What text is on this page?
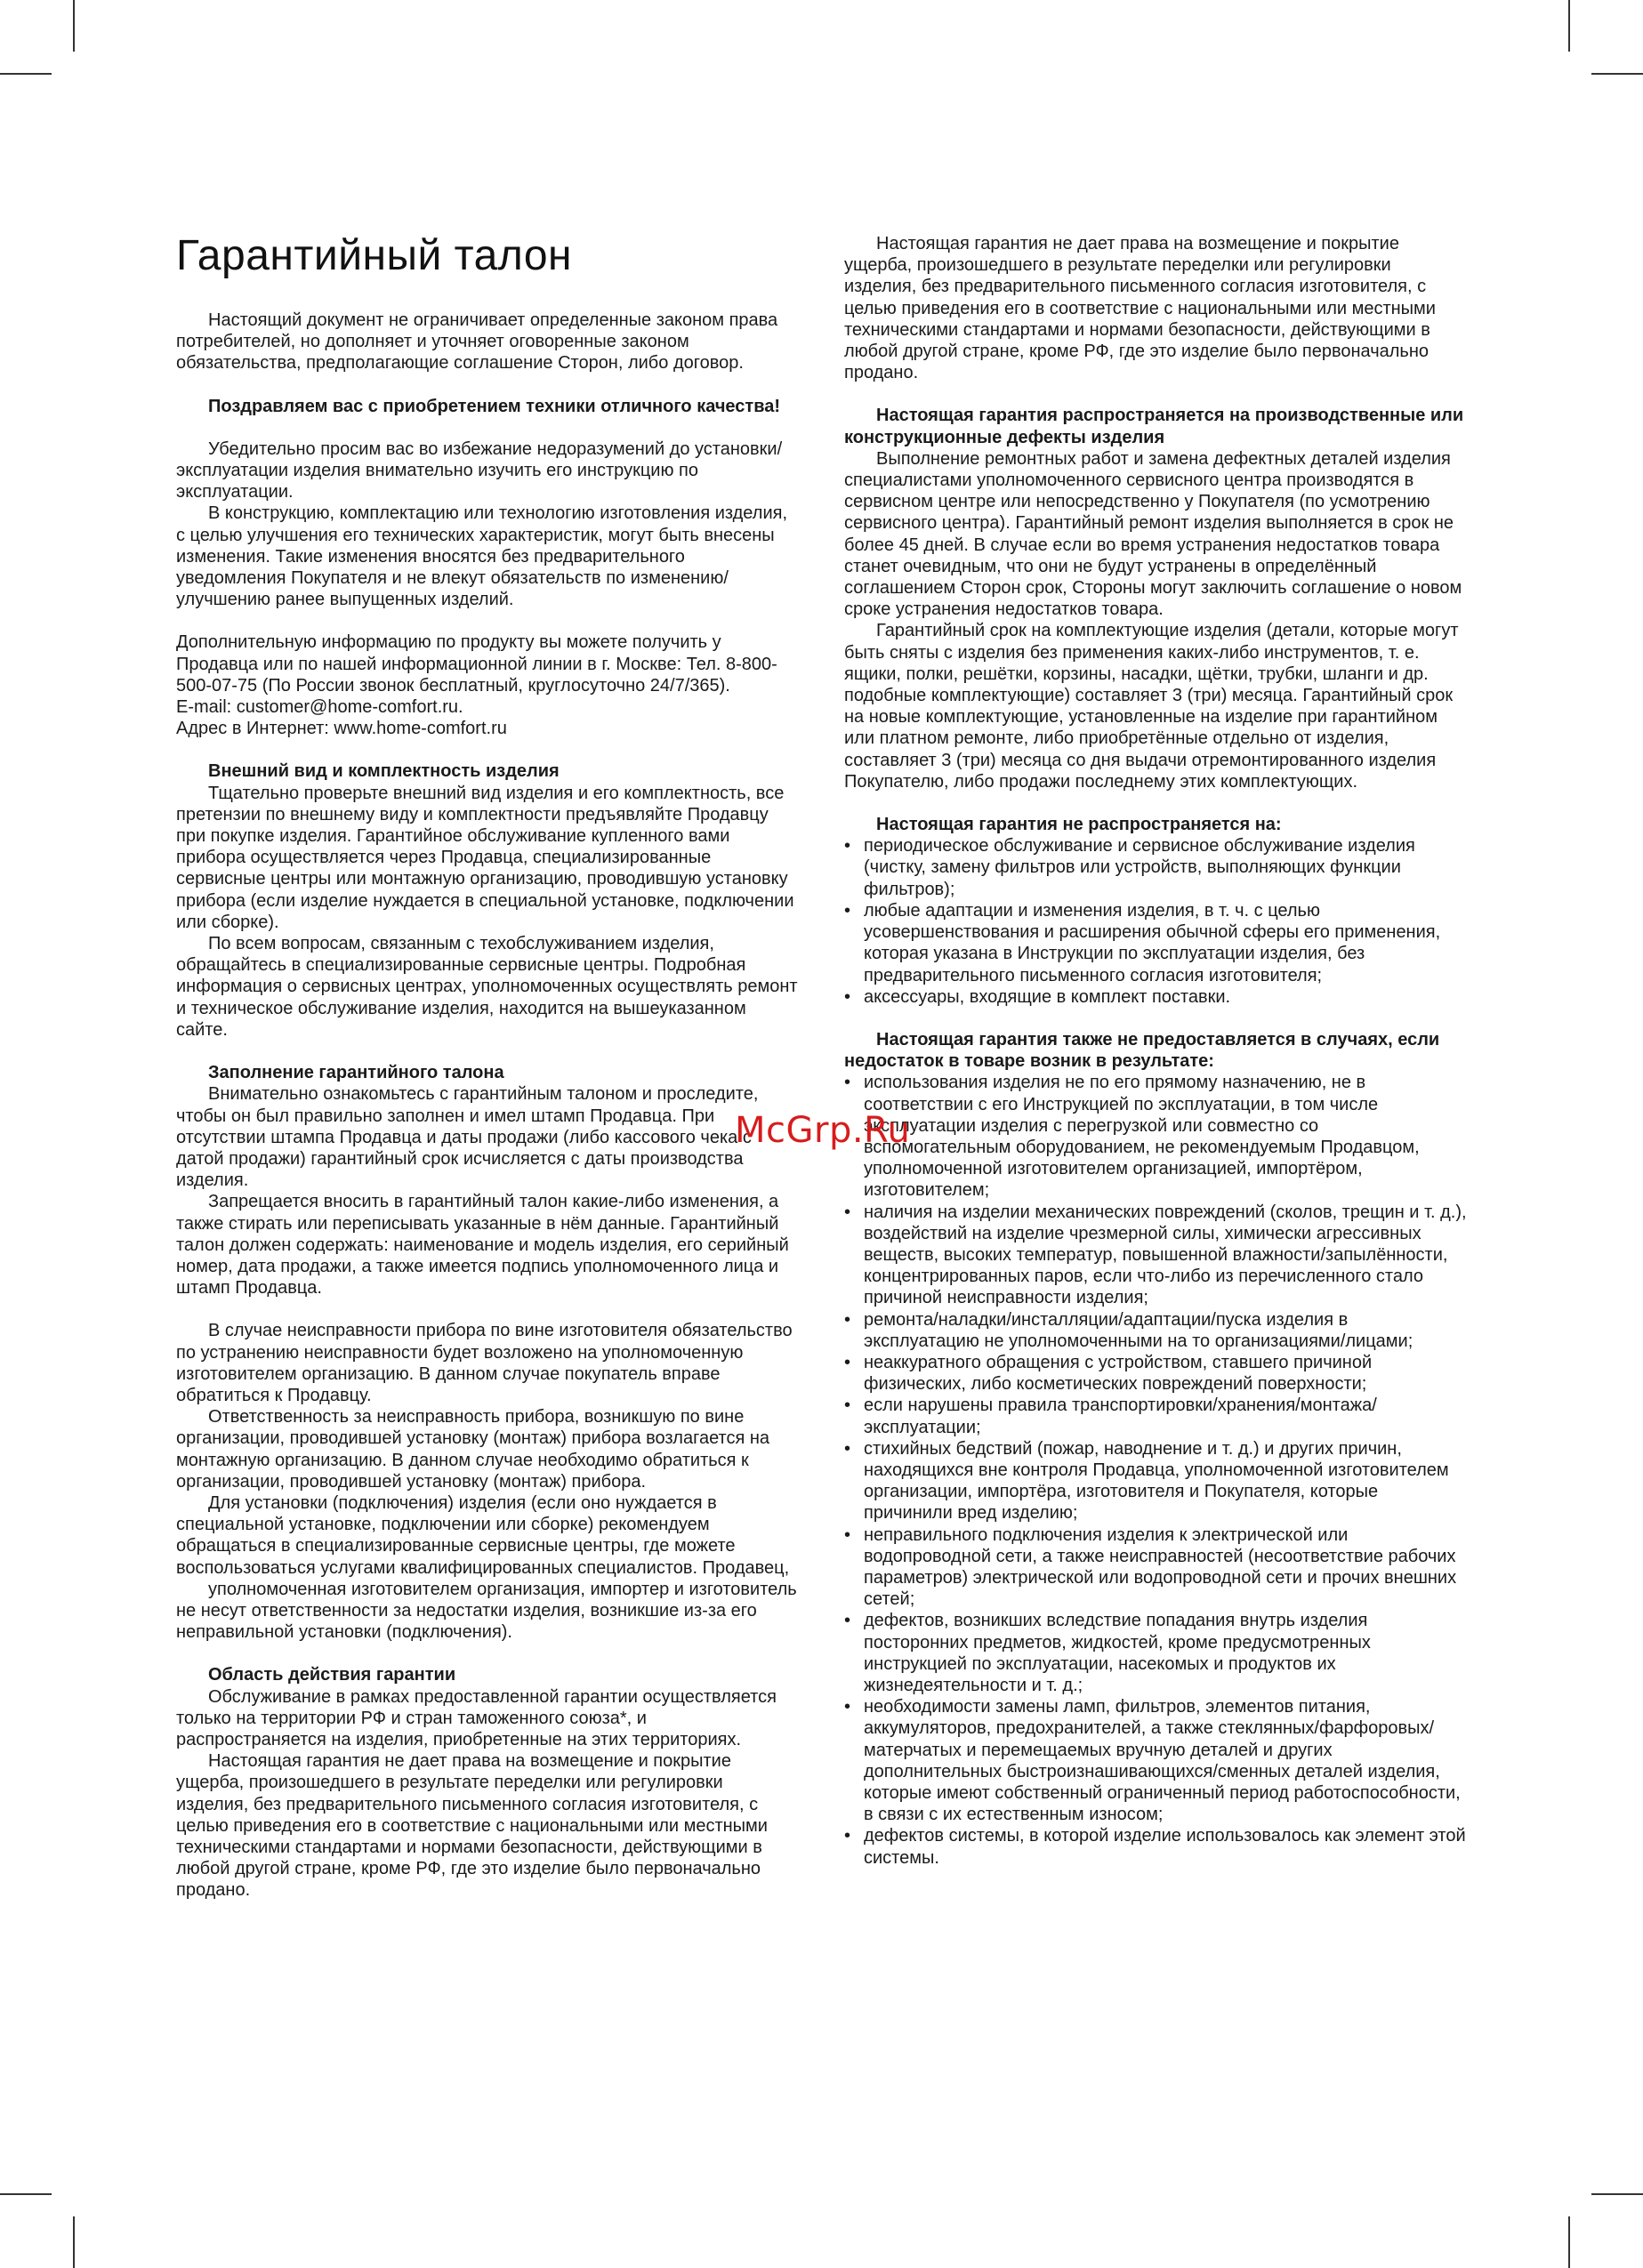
Гарантийный талон

Настоящий документ не ограничивает определенные законом права потребителей, но дополняет и уточняет оговоренные законом обязательства, предполагающие соглашение Сторон, либо договор.

Поздравляем вас с приобретением техники отличного качества!

Убедительно просим вас во избежание недоразумений до установки/эксплуатации изделия внимательно изучить его инструкцию по эксплуатации.

В конструкцию, комплектацию или технологию изготовления изделия, с целью улучшения его технических характеристик, могут быть внесены изменения. Такие изменения вносятся без предварительного уведомления Покупателя и не влекут обязательств по изменению/улучшению ранее выпущенных изделий.

Дополнительную информацию по продукту вы можете получить у Продавца или по нашей информационной линии в г. Москве: Тел. 8-800-500-07-75 (По России звонок бесплатный, круглосуточно 24/7/365).

E-mail: customer@home-comfort.ru.

Адрес в Интернет: www.home-comfort.ru

Внешний вид и комплектность изделия

Тщательно проверьте внешний вид изделия и его комплектность, все претензии по внешнему виду и комплектности предъявляйте Продавцу при покупке изделия. Гарантийное обслуживание купленного вами прибора осуществляется через Продавца, специализированные сервисные центры или монтажную организацию, проводившую установку прибора (если изделие нуждается в специальной установке, подключении или сборке).

По всем вопросам, связанным с техобслуживанием изделия, обращайтесь в специализированные сервисные центры. Подробная информация о сервисных центрах, уполномоченных осуществлять ремонт и техническое обслуживание изделия, находится на вышеуказанном сайте.

Заполнение гарантийного талона

Внимательно ознакомьтесь с гарантийным талоном и проследите, чтобы он был правильно заполнен и имел штамп Продавца. При отсутствии штампа Продавца и даты продажи (либо кассового чека с датой продажи) гарантийный срок исчисляется с даты производства изделия.

Запрещается вносить в гарантийный талон какие-либо изменения, а также стирать или переписывать указанные в нём данные. Гарантийный талон должен содержать: наименование и модель изделия, его серийный номер, дата продажи, а также имеется подпись уполномоченного лица и штамп Продавца.

В случае неисправности прибора по вине изготовителя обязательство по устранению неисправности будет возложено на уполномоченную изготовителем организацию. В данном случае покупатель вправе обратиться к Продавцу.

Ответственность за неисправность прибора, возникшую по вине организации, проводившей установку (монтаж) прибора возлагается на монтажную организацию. В данном случае необходимо обратиться к организации, проводившей установку (монтаж) прибора.

Для установки (подключения) изделия (если оно нуждается в специальной установке, подключении или сборке) рекомендуем обращаться в специализированные сервисные центры, где можете воспользоваться услугами квалифицированных специалистов. Продавец,

уполномоченная изготовителем организация, импортер и изготовитель не несут ответственности за недостатки изделия, возникшие из-за его неправильной установки (подключения).

Область действия гарантии

Обслуживание в рамках предоставленной гарантии осуществляется только на территории РФ и стран таможенного союза*, и распространяется на изделия, приобретенные на этих территориях.

Настоящая гарантия не дает права на возмещение и покрытие ущерба, произошедшего в результате переделки или регулировки изделия, без предварительного письменного согласия изготовителя, с целью приведения его в соответствие с национальными или местными техническими стандартами и нормами безопасности, действующими в любой другой стране, кроме РФ, где это изделие было первоначально продано.

Настоящая гарантия не дает права на возмещение и покрытие ущерба, произошедшего в результате переделки или регулировки изделия, без предварительного письменного согласия изготовителя, с целью приведения его в соответствие с национальными или местными техническими стандартами и нормами безопасности, действующими в любой другой стране, кроме РФ, где это изделие было первоначально продано.

Настоящая гарантия распространяется на производственные или конструкционные дефекты изделия

Выполнение ремонтных работ и замена дефектных деталей изделия специалистами уполномоченного сервисного центра производятся в сервисном центре или непосредственно у Покупателя (по усмотрению сервисного центра). Гарантийный ремонт изделия выполняется в срок не более 45 дней. В случае если во время устранения недостатков товара станет очевидным, что они не будут устранены в определённый соглашением Сторон срок, Стороны могут заключить соглашение о новом сроке устранения недостатков товара.

Гарантийный срок на комплектующие изделия (детали, которые могут быть сняты с изделия без применения каких-либо инструментов, т. е. ящики, полки, решётки, корзины, насадки, щётки, трубки, шланги и др. подобные комплектующие) составляет 3 (три) месяца. Гарантийный срок на новые комплектующие, установленные на изделие при гарантийном или платном ремонте, либо приобретённые отдельно от изделия, составляет 3 (три) месяца со дня выдачи отремонтированного изделия Покупателю, либо продажи последнему этих комплектующих.

Настоящая гарантия не распространяется на:

• периодическое обслуживание и сервисное обслуживание изделия (чистку, замену фильтров или устройств, выполняющих функции фильтров);
• любые адаптации и изменения изделия, в т. ч. с целью усовершенствования и расширения обычной сферы его применения, которая указана в Инструкции по эксплуатации изделия, без предварительного письменного согласия изготовителя;
• аксессуары, входящие в комплект поставки.

Настоящая гарантия также не предоставляется в случаях, если недостаток в товаре возник в результате:

• использования изделия не по его прямому назначению, не в соответствии с его Инструкцией по эксплуатации, в том числе эксплуатации изделия с перегрузкой или совместно со вспомогательным оборудованием, не рекомендуемым Продавцом, уполномоченной изготовителем организацией, импортёром, изготовителем;
• наличия на изделии механических повреждений (сколов, трещин и т. д.), воздействий на изделие чрезмерной силы, химически агрессивных веществ, высоких температур, повышенной влажности/запылённости, концентрированных паров, если что-либо из перечисленного стало причиной неисправности изделия;
• ремонта/наладки/инсталляции/адаптации/пуска изделия в эксплуатацию не уполномоченными на то организациями/лицами;
• неаккуратного обращения с устройством, ставшего причиной физических, либо косметических повреждений поверхности;
• если нарушены правила транспортировки/хранения/монтажа/эксплуатации;
• стихийных бедствий (пожар, наводнение и т. д.) и других причин, находящихся вне контроля Продавца, уполномоченной изготовителем организации, импортёра, изготовителя и Покупателя, которые причинили вред изделию;
• неправильного подключения изделия к электрической или водопроводной сети, а также неисправностей (несоответствие рабочих параметров) электрической или водопроводной сети и прочих внешних сетей;
• дефектов, возникших вследствие попадания внутрь изделия посторонних предметов, жидкостей, кроме предусмотренных инструкцией по эксплуатации, насекомых и продуктов их жизнедеятельности и т. д.;
• необходимости замены ламп, фильтров, элементов питания, аккумуляторов, предохранителей, а также стеклянных/фарфоровых/матерчатых и перемещаемых вручную деталей и других дополнительных быстроизнашивающихся/сменных деталей изделия, которые имеют собственный ограниченный период работоспособности, в связи с их естественным износом;
• дефектов системы, в которой изделие использовалось как элемент этой системы.
McGrp.Ru
